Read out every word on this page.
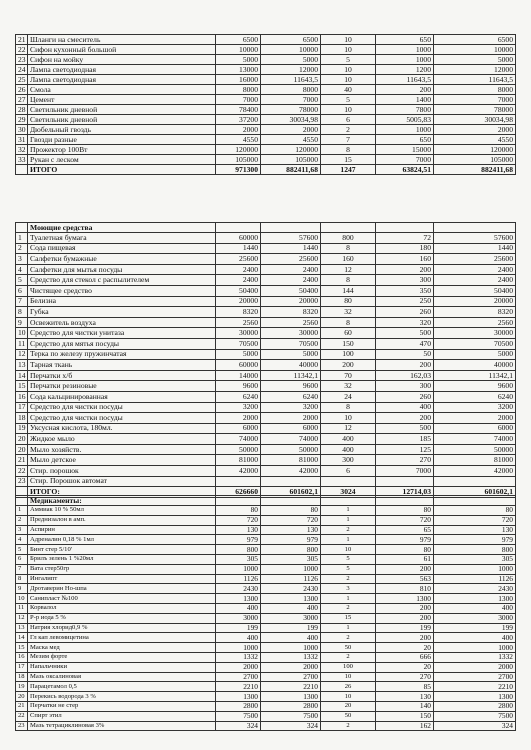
21	Шланги на смеситель	6500	6500	10	650	6500
22	Сифон кухонный большой	10000	10000	10	1000	10000
23	Сифон на мойку	5000	5000	5	1000	5000
24	Лампа светодиодная	13000	12000	10	1200	12000
25	Лампа светодиодная	16000	11643,5	10	11643,5	11643,5
26	Смола	8000	8000	40	200	8000
27	Цемент	7000	7000	5	1400	7000
28	Светильник дневной	78400	78000	10	7800	78000
29	Светильник дневной	37200	30034,98	6	5005,83	30034,98
30	Дюбельный гвоздь	2000	2000	2	1000	2000
31	Гвозди разные	4550	4550	7	650	4550
32	Прожектор 100Вт	120000	120000	8	15000	120000
33	Рукан с леском	105000	105000	15	7000	105000
	ИТОГО	971300	882411,68	1247	63824,51	882411,68
	Моющие средства					
1	Туалетная бумага	60000	57600	800	72	57600
2	Сода пищевая	1440	1440	8	180	1440
3	Салфетки бумажные	25600	25600	160	160	25600
4	Салфетки для мытья посуды	2400	2400	12	200	2400
5	Средство для стекол с распылителем	2400	2400	8	300	2400
6	Чистящее средство	50400	50400	144	350	50400
7	Белизна	20000	20000	80	250	20000
8	Губка	8320	8320	32	260	8320
9	Освежитель воздуха	2560	2560	8	320	2560
10	Средство для чистки унитаза	30000	30000	60	500	30000
11	Средство для мятья посуды	70500	70500	150	470	70500
12	Терка по железу пружинчатая	5000	5000	100	50	5000
13	Тарная ткань	60000	40000	200	200	40000
14	Перчатки х/б	14000	11342,1	70	162,03	11342,1
15	Перчатки резиновые	9600	9600	32	300	9600
16	Сода кальцинированная	6240	6240	24	260	6240
17	Средство для чистки посуды	3200	3200	8	400	3200
18	Средство для чистки посуды	2000	2000	10	200	2000
19	Уксусная кислота, 180мл.	6000	6000	12	500	6000
20	Жидкое мыло	74000	74000	400	185	74000
20	Мыло хозяйств.	50000	50000	400	125	50000
21	Мыло детское	81000	81000	300	270	81000
22	Стир. порошок	42000	42000	6	7000	42000
23	Стир. Порошок автомат					
	ИТОГО:	626660	601602,1	3024	12714,03	601602,1
	Медикаменты:					
1	Аммиак 10 % 50мл	80	80	1	80	80
2	Преднизалон в амп.	720	720	1	720	720
3	Аспирин	130	130	2	65	130
4	Адреналин 0,18 % 1мл	979	979	1	979	979
5	Бинт стер 5/10'	800	800	10	80	800
6	Брилъ зелень 1 %20мл	305	305	5	61	305
7	Вата стер50гр	1000	1000	5	200	1000
8	Ингалипт	1126	1126	2	563	1126
9	Дротаверин Но-шпа	2430	2430	3	810	2430
10	Санипласт №100	1300	1300	1	1300	1300
11	Корвалол	400	400	2	200	400
12	Р-р иода 5 %	3000	3000	15	200	3000
13	Натрия хлорид0,9 %	199	199	1	199	199
14	Гл кап левомицетина	400	400	2	200	400
15	Маска мед	1000	1000	50	20	1000
16	Мезим форте	1332	1332	2	666	1332
17	Напальчники	2000	2000	100	20	2000
18	Мазь оксалиновая	2700	2700	10	270	2700
19	Парацетамол 0,5	2210	2210	26	85	2210
20	Перекись водорода 3 %	1300	1300	10	130	1300
21	Перчатки не стер	2800	2800	20	140	2800
22	Спирт этил	7500	7500	50	150	7500
23	Мазь тетрациклиновая 3%	324	324	2	162	324
